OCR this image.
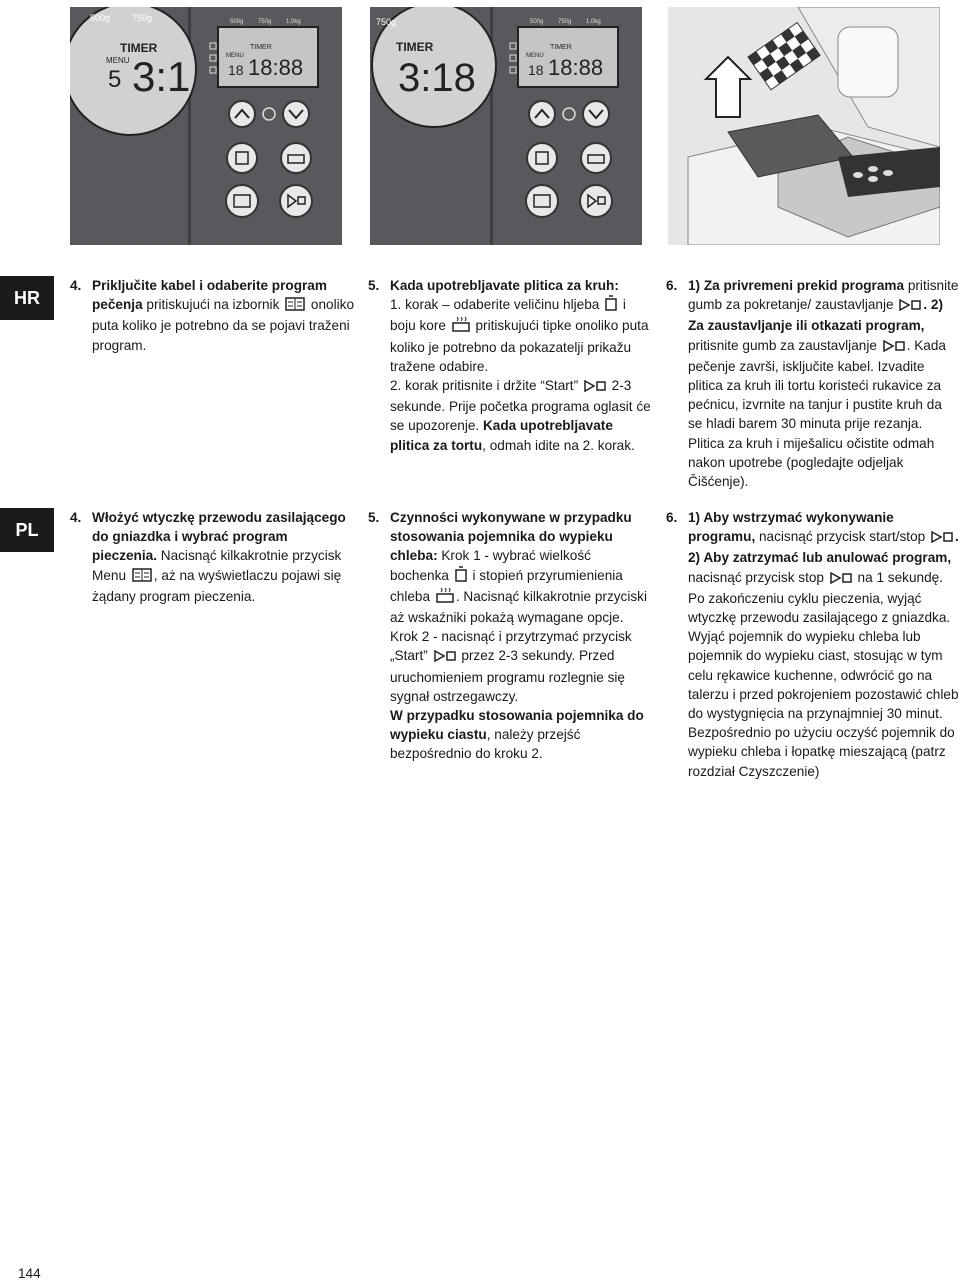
18 18:88
TIMER
MENU
500g 750g 1,0kg
TIMER
MENU
5 3:1
500g 750g
18 18:88
TIMER
MENU
500g 750g 1,0kg
TIMER
3:18
750g
HR
PL
4. Priključite kabel i odaberite program pečenja pritiskujući na izbornik  onoliko puta koliko je potrebno da se pojavi traženi program.

5. Kada upotrebljavate plitica za kruh:

1. korak – odaberite veličinu hljeba  i boju kore  pritiskujući tipke onoliko puta koliko je potrebno da pokazatelji prikažu tražene odabire.

2. korak pritisnite i držite “Start”  2-3 sekunde. Prije početka programa oglasit će se upozorenje. Kada upotrebljavate plitica za tortu, odmah idite na 2. korak.

6. 1) Za privremeni prekid programa pritisnite gumb za pokretanje/ zaustavljanje . 2) Za zaustavljanje ili otkazati program, pritisnite gumb za zaustavljanje . Kada pečenje završi, isključite kabel. Izvadite plitica za kruh ili tortu koristeći rukavice za pećnicu, izvrnite na tanjur i pustite kruh da se hladi barem 30 minuta prije rezanja. Plitica za kruh i miješalicu očistite odmah nakon upotrebe (pogledajte odjeljak Čišćenje).

4. Włożyć wtyczkę przewodu zasilającego do gniazdka i wybrać program pieczenia. Nacisnąć kilkakrotnie przycisk Menu , aż na wyświetlaczu pojawi się żądany program pieczenia.

5. Czynności wykonywane w przypadku stosowania pojemnika do wypieku chleba: Krok 1 - wybrać wielkość bochenka  i stopień przyrumienienia chleba . Nacisnąć kilkakrotnie przyciski aż wskaźniki pokażą wymagane opcje. Krok 2 - nacisnąć i przytrzymać przycisk „Start”  przez 2-3 sekundy. Przed uruchomieniem programu rozlegnie się sygnał ostrzegawczy.

W przypadku stosowania pojemnika do wypieku ciastu, należy przejść bezpośrednio do kroku 2.

6. 1) Aby wstrzymać wykonywanie programu, nacisnąć przycisk start/stop . 2) Aby zatrzymać lub anulować program, nacisnąć przycisk stop  na 1 sekundę. Po zakończeniu cyklu pieczenia, wyjąć wtyczkę przewodu zasilającego z gniazdka. Wyjąć pojemnik do wypieku chleba lub pojemnik do wypieku ciast, stosując w tym celu rękawice kuchenne, odwrócić go na talerzu i przed pokrojeniem pozostawić chleb do wystygnięcia na przynajmniej 30 minut. Bezpośrednio po użyciu oczyść pojemnik do wypieku chleba i łopatkę mieszającą (patrz rozdział Czyszczenie)

144
